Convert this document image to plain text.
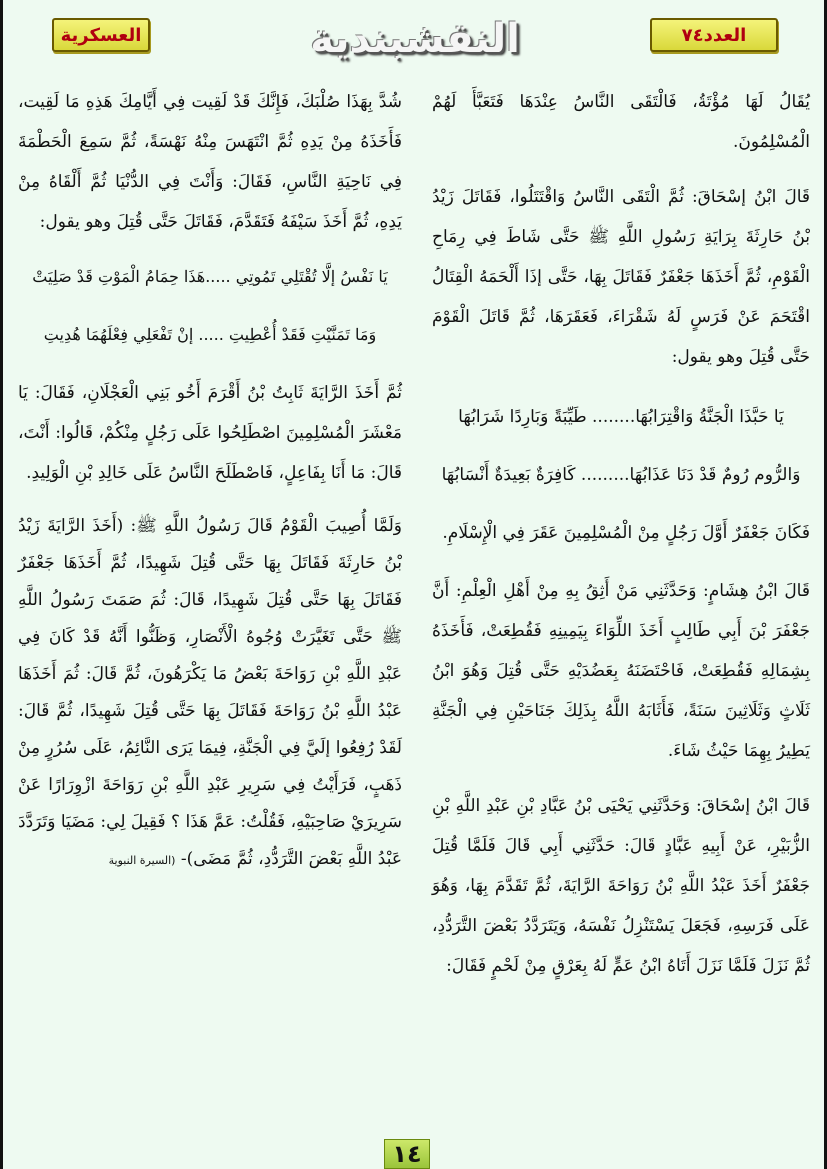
العسكرية	النقشبندية	العدد٧٤

يُقَالُ لَهَا مُؤْتَةُ، فَالْتَقَى النَّاسُ عِنْدَهَا فَتَعَبَّأَ لَهُمْ الْمُسْلِمُونَ.

قَالَ ابْنُ إسْحَاقَ: ثُمَّ الْتَقَى النَّاسُ وَاقْتَتَلُوا، فَقَاتَلَ زَيْدُ بْنُ حَارِثَةَ بِرَايَةِ رَسُولِ اللَّهِ ﷺ حَتَّى شَاطَ فِي رِمَاحِ الْقَوْمِ، ثُمَّ أَخَذَهَا جَعْفَرٌ فَقَاتَلَ بِهَا، حَتَّى إذَا أَلْحَمَهُ الْقِتَالُ اقْتَحَمَ عَنْ فَرَسٍ لَهُ شَقْرَاءَ، فَعَقَرَهَا، ثُمَّ قَاتَلَ الْقَوْمَ حَتَّى قُتِلَ وهو يقول:

يَا حَبَّذَا الْجَنَّةُ وَاقْتِرَابُهَا........ طَيِّبَةً وَبَارِدًا شَرَابُهَا

وَالرُّوم رُومٌ قَدْ دَنَا عَذَابُهَا......... كَافِرَةٌ بَعِيدَةٌ أَنْسَابُهَا

فَكَانَ جَعْفَرٌ أَوَّلَ رَجُلٍ مِنْ الْمُسْلِمِينَ عَقَرَ فِي الْإِسْلَامِ.

قَالَ ابْنُ هِشَامٍ: وَحَدَّثَنِي مَنْ أَثِقُ بِهِ مِنْ أَهْلِ الْعِلْمِ: أَنَّ جَعْفَرَ بْنَ أَبِي طَالِبٍ أَخَذَ اللِّوَاءَ بِيَمِينِهِ فَقُطِعَتْ، فَأَخَذَهُ بِشِمَالِهِ فَقُطِعَتْ، فَاحْتَضَنَهُ بِعَضُدَيْهِ حَتَّى قُتِلَ وَهُوَ ابْنُ ثَلَاثٍ وَثَلَاثِينَ سَنَةً، فَأَثَابَهُ اللَّهُ بِذَلِكَ جَنَاحَيْنِ فِي الْجَنَّةِ يَطِيرُ بِهِمَا حَيْثُ شَاءَ.

قَالَ ابْنُ إسْحَاقَ: وَحَدَّثَنِي يَحْيَى بْنُ عَبَّادِ بْنِ عَبْدِ اللَّهِ بْنِ الزُّبَيْرِ، عَنْ أَبِيهِ عَبَّادٍ قَالَ: حَدَّثَنِي أَبِي قَالَ فَلَمَّا قُتِلَ جَعْفَرٌ أَخَذَ عَبْدُ اللَّهِ بْنُ رَوَاحَةَ الرَّايَةَ، ثُمَّ تَقَدَّمَ بِهَا، وَهُوَ عَلَى فَرَسِهِ، فَجَعَلَ يَسْتَنْزِلُ نَفْسَهُ، وَيَتَرَدَّدُ بَعْضَ التَّرَدُّدِ، ثُمَّ نَزَلَ فَلَمَّا نَزَلَ أَتَاهُ ابْنُ عَمٍّ لَهُ بِعَرْقٍ مِنْ لَحْمٍ فَقَالَ:

شُدَّ بِهَذَا صُلْبَكَ، فَإِنَّكَ قَدْ لَقِيت فِي أَيَّامِكَ هَذِهِ مَا لَقِيت، فَأَخَذَهُ مِنْ يَدِهِ ثُمَّ انْتَهَسَ مِنْهُ نَهْسَةً، ثُمَّ سَمِعَ الْحَطْمَةَ فِي نَاحِيَةِ النَّاسِ، فَقَالَ: وَأَنْتَ فِي الدُّنْيَا ثُمَّ أَلْقَاهُ مِنْ يَدِهِ، ثُمَّ أَخَذَ سَيْفَهُ فَتَقَدَّمَ، فَقَاتَلَ حَتَّى قُتِلَ وهو يقول:

يَا نَفْسُ إلَّا تُقْتَلِي تَمُوتِي .....هَذَا حِمَامُ الْمَوْتِ قَدْ صَلِيَتْ

وَمَا تَمَنَّيْتِ فَقَدْ أُعْطِيتِ ..... إنْ تَفْعَلِي فِعْلَهُمَا هُدِيتِ

ثُمَّ أَخَذَ الرَّايَةَ ثَابِتُ بْنُ أَقْرَمَ أَخُو بَنِي الْعَجْلَانِ، فَقَالَ: يَا مَعْشَرَ الْمُسْلِمِينَ اصْطَلِحُوا عَلَى رَجُلٍ مِنْكُمْ، قَالُوا: أَنْتَ، قَالَ: مَا أَنَا بِفَاعِلٍ، فَاصْطَلَحَ النَّاسُ عَلَى خَالِدِ بْنِ الْوَلِيدِ.

وَلَمَّا أُصِيبَ الْقَوْمُ قَالَ رَسُولُ اللَّهِ ﷺ: (أَخَذَ الرَّايَةَ زَيْدُ بْنُ حَارِثَةَ فَقَاتَلَ بِهَا حَتَّى قُتِلَ شَهِيدًا، ثُمَّ أَخَذَهَا جَعْفَرٌ فَقَاتَلَ بِهَا حَتَّى قُتِلَ شَهِيدًا، قَالَ: ثُمَ صَمَتَ رَسُولُ اللَّهِ ﷺ حَتَّى تَغَيَّرَتْ وُجُوهُ الْأَنْصَارِ، وَظَنُّوا أَنَّهُ قَدْ كَانَ فِي عَبْدِ اللَّهِ بْنِ رَوَاحَةَ بَعْضُ مَا يَكْرَهُونَ، ثُمَّ قَالَ: ثُمَ أَخَذَهَا عَبْدُ اللَّهِ بْنُ رَوَاحَةَ فَقَاتَلَ بِهَا حَتَّى قُتِلَ شَهِيدًا، ثُمَّ قَالَ: لَقَدْ رُفِعُوا إلَيَّ فِي الْجَنَّةِ، فِيمَا يَرَى النَّائِمُ، عَلَى سُرُرٍ مِنْ ذَهَبٍ، فَرَأَيْتُ فِي سَرِيرِ عَبْدِ اللَّهِ بْنِ رَوَاحَةَ ازْوِرَارًا عَنْ سَرِيرَيْ صَاحِبَيْهِ، فَقُلْتُ: عَمَّ هَذَا ؟ فَقِيلَ لِي: مَضَيَا وَتَرَدَّدَ عَبْدُ اللَّهِ بَعْضَ التَّرَدُّدِ، ثُمَّ مَضَى)- (السيرة النبوية

١٤
